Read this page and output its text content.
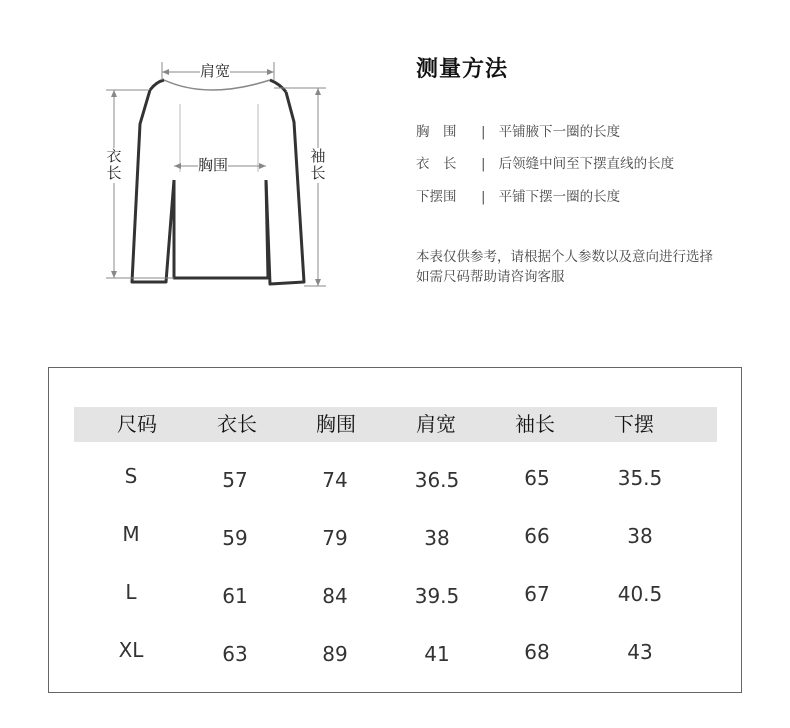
肩宽
胸围
衣长
袖长
测量方法
胸　围 | 平铺腋下一圈的长度
衣　长 | 后领缝中间至下摆直线的长度
下摆围 | 平铺下摆一圈的长度
本表仅供参考，请根据个人参数以及意向进行选择
如需尺码帮助请咨询客服
尺码	衣长	胸围	肩宽	袖长	下摆
S	57	74	36.5	65	35.5
M	59	79	38	66	38
L	61	84	39.5	67	40.5
XL	63	89	41	68	43
